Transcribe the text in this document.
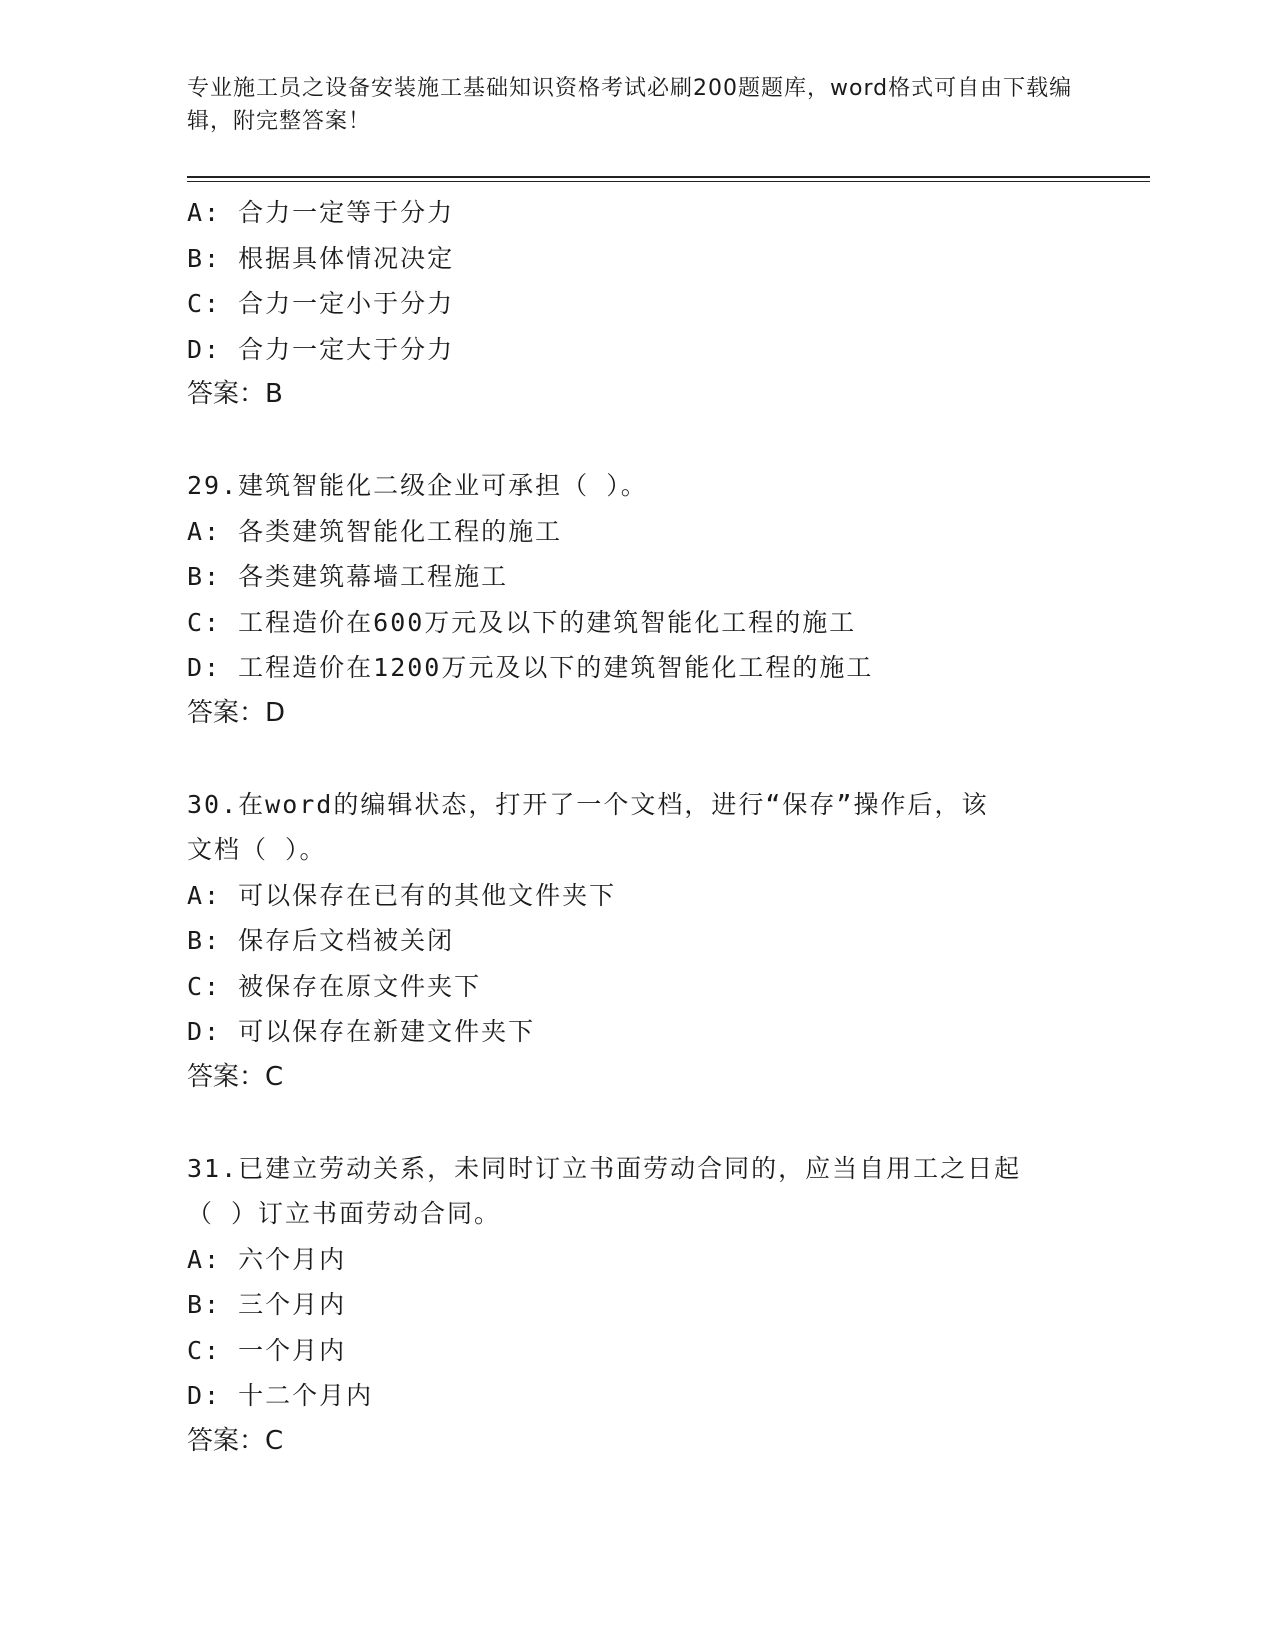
专业施工员之设备安装施工基础知识资格考试必刷200题题库，word格式可自由下载编辑，附完整答案！
A: 合力一定等于分力
B: 根据具体情况决定
C: 合力一定小于分力
D: 合力一定大于分力
答案：B
29.建筑智能化二级企业可承担（ ）。
A: 各类建筑智能化工程的施工
B: 各类建筑幕墙工程施工
C: 工程造价在600万元及以下的建筑智能化工程的施工
D: 工程造价在1200万元及以下的建筑智能化工程的施工
答案：D
30.在word的编辑状态，打开了一个文档，进行“保存”操作后，该
文档（ ）。
A: 可以保存在已有的其他文件夹下
B: 保存后文档被关闭
C: 被保存在原文件夹下
D: 可以保存在新建文件夹下
答案：C
31.已建立劳动关系，未同时订立书面劳动合同的，应当自用工之日起
（ ）订立书面劳动合同。
A: 六个月内
B: 三个月内
C: 一个月内
D: 十二个月内
答案：C
